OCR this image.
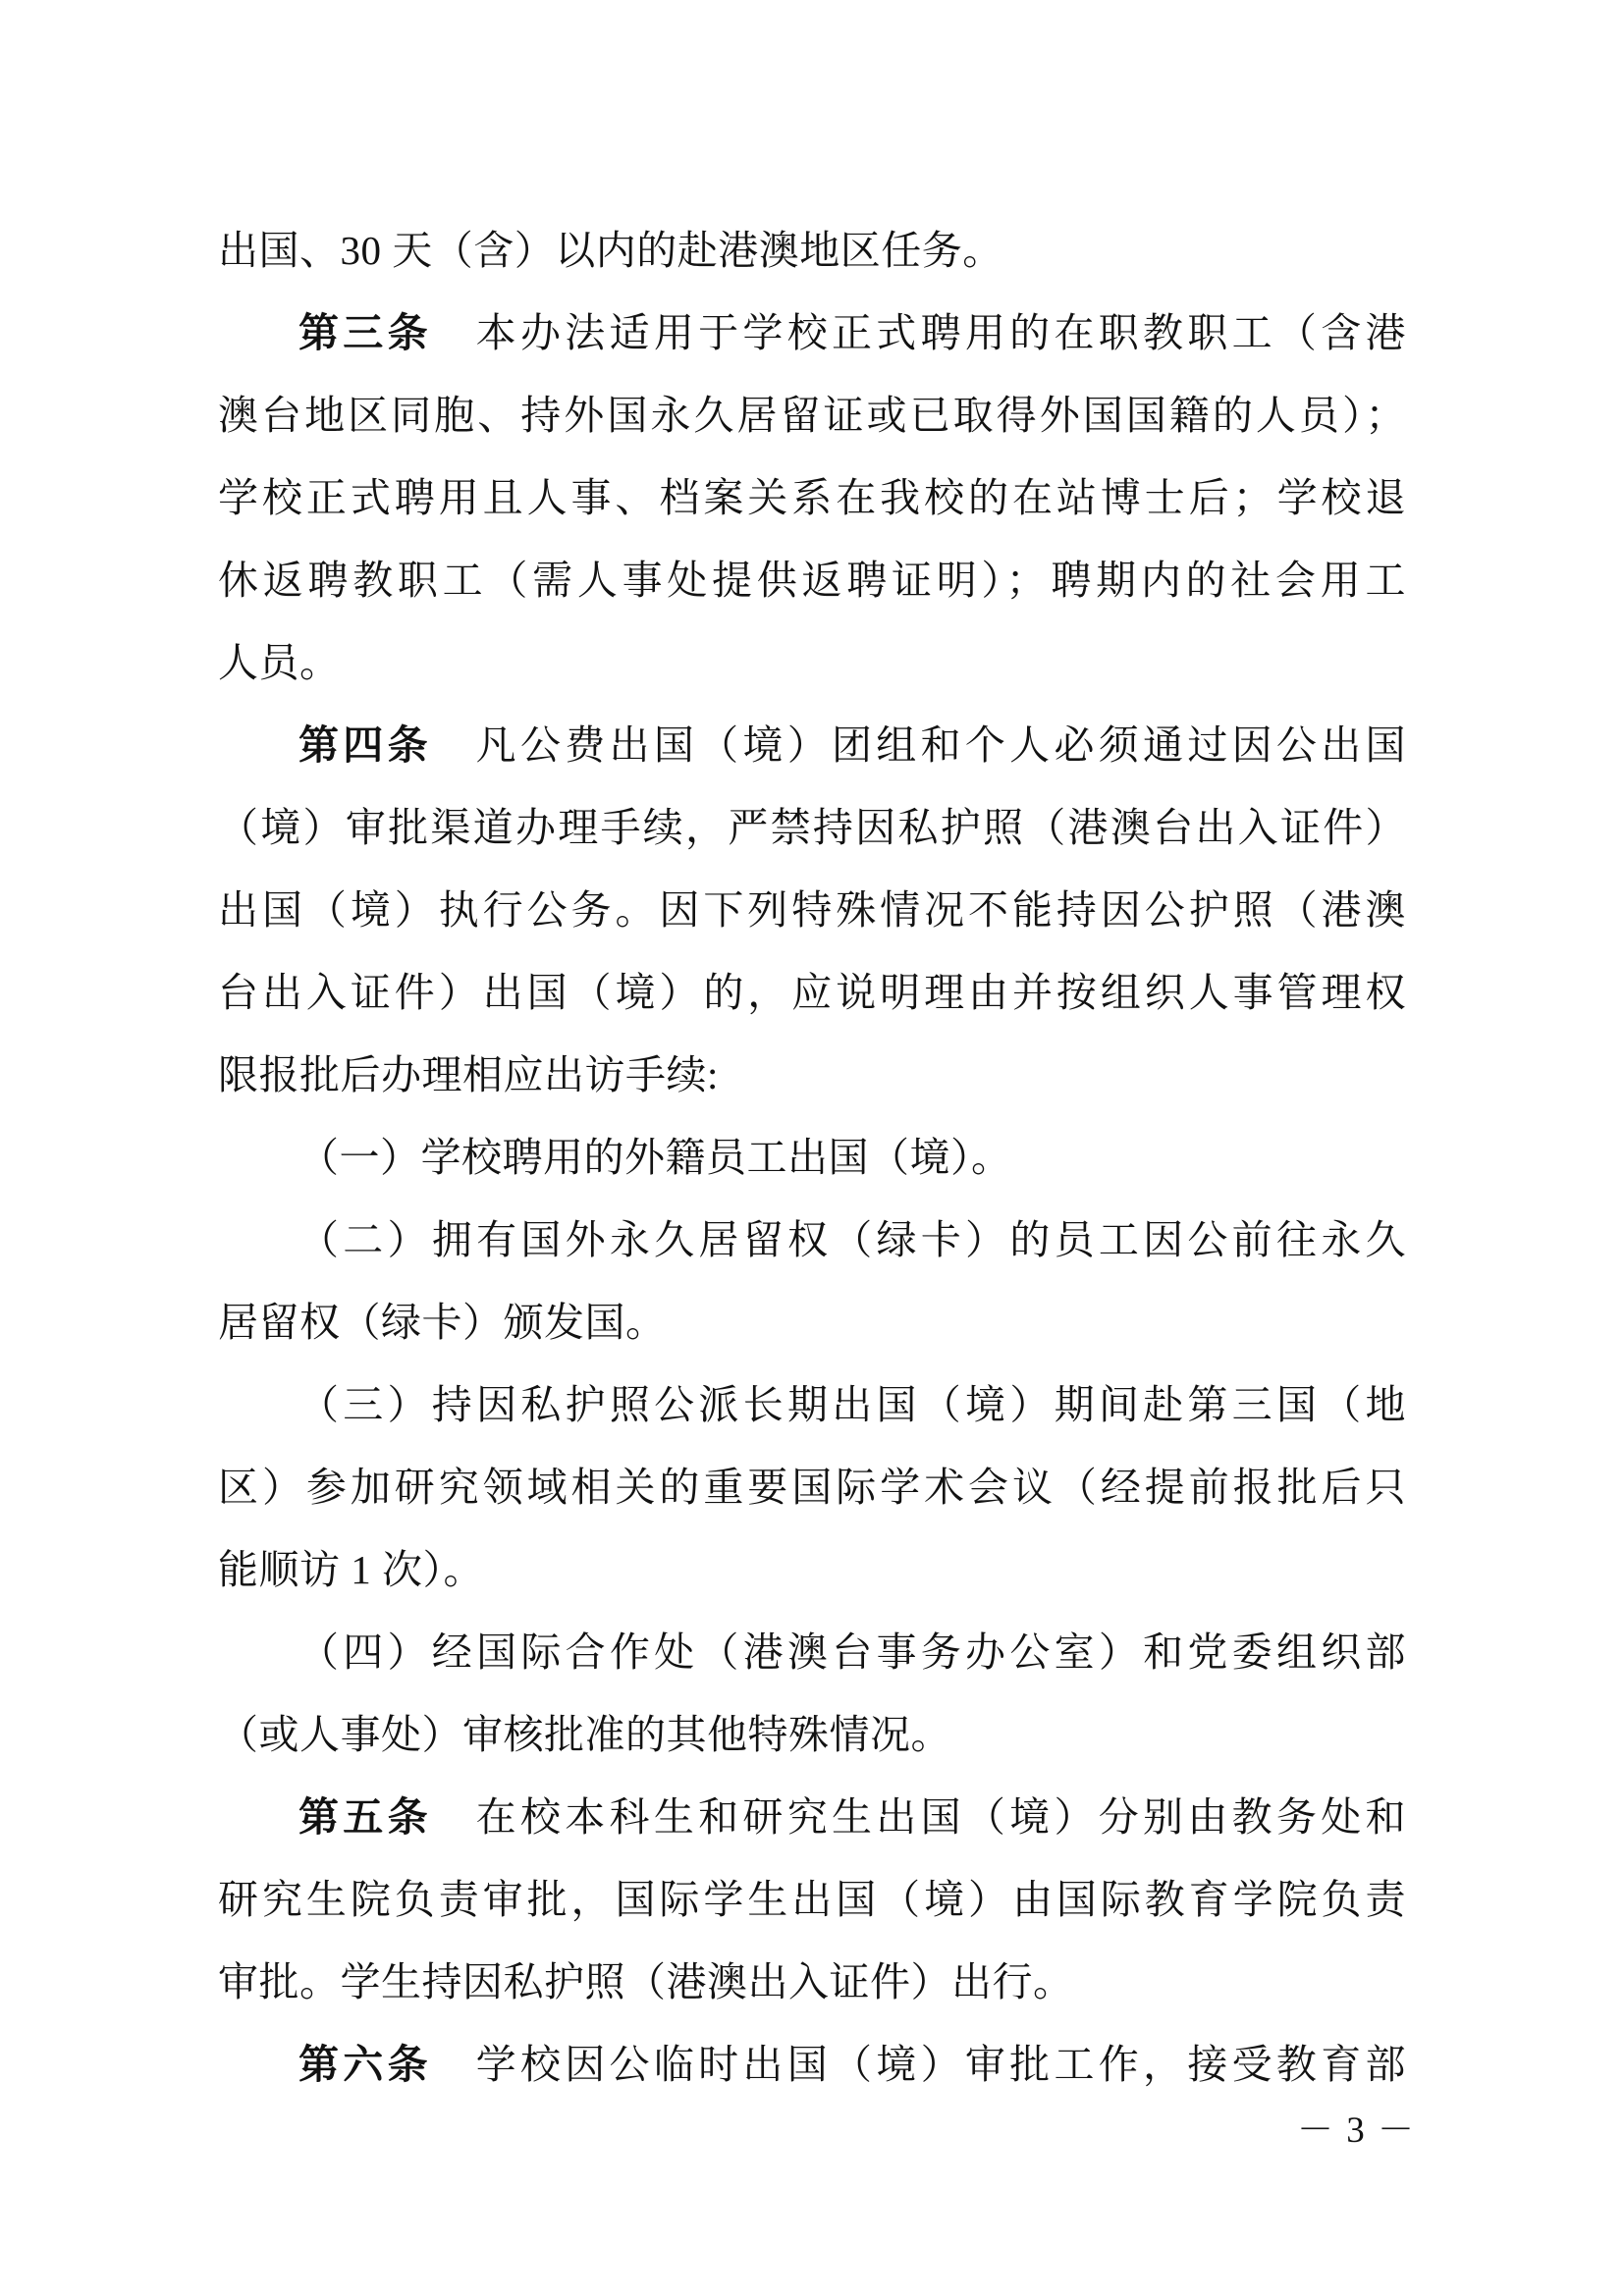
出国、30 天（含）以内的赴港澳地区任务。
第三条 本办法适用于学校正式聘用的在职教职工（含港
澳台地区同胞、持外国永久居留证或已取得外国国籍的人员）；
学校正式聘用且人事、档案关系在我校的在站博士后；学校退
休返聘教职工（需人事处提供返聘证明）；聘期内的社会用工
人员。
第四条 凡公费出国（境）团组和个人必须通过因公出国
（境）审批渠道办理手续，严禁持因私护照（港澳台出入证件）
出国（境）执行公务。因下列特殊情况不能持因公护照（港澳
台出入证件）出国（境）的，应说明理由并按组织人事管理权
限报批后办理相应出访手续:
（一）学校聘用的外籍员工出国（境）。
（二）拥有国外永久居留权（绿卡）的员工因公前往永久
居留权（绿卡）颁发国。
（三）持因私护照公派长期出国（境）期间赴第三国（地
区）参加研究领域相关的重要国际学术会议（经提前报批后只
能顺访 1 次）。
（四）经国际合作处（港澳台事务办公室）和党委组织部
（或人事处）审核批准的其他特殊情况。
第五条 在校本科生和研究生出国（境）分别由教务处和
研究生院负责审批，国际学生出国（境）由国际教育学院负责
审批。学生持因私护照（港澳出入证件）出行。
第六条 学校因公临时出国（境）审批工作，接受教育部
－ 3 －
